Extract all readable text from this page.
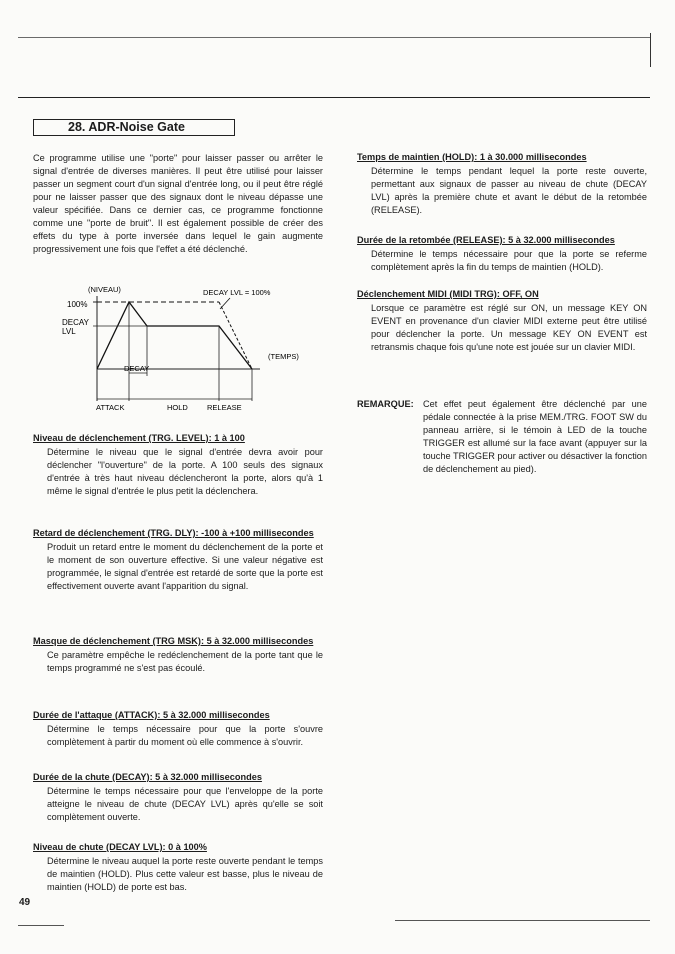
28. ADR-Noise Gate

Ce programme utilise une "porte" pour laisser passer ou arrêter le signal d'entrée de diverses manières. Il peut être utilisé pour laisser passer un segment court d'un signal d'entrée long, ou il peut être réglé pour ne laisser passer que des signaux dont le niveau dépasse une valeur spécifiée. Dans ce dernier cas, ce programme fonctionne comme une "porte de bruit". Il est également possible de créer des effets du type à porte inversée dans lequel le gain augmente progressivement une fois que l'effet a été déclenché.

Niveau de déclenchement (TRG. LEVEL): 1 à 100
Détermine le niveau que le signal d'entrée devra avoir pour déclencher "l'ouverture" de la porte. A 100 seuls des signaux d'entrée à très haut niveau déclencheront la porte, alors qu'à 1 même le signal d'entrée le plus petit la déclenchera.
Retard de déclenchement (TRG. DLY): -100 à +100 millisecondes
Produit un retard entre le moment du déclenchement de la porte et le moment de son ouverture effective. Si une valeur négative est programmée, le signal d'entrée est retardé de sorte que la porte est effectivement ouverte avant l'apparition du signal.
Masque de déclenchement (TRG MSK): 5 à 32.000 millisecondes
Ce paramètre empêche le redéclenchement de la porte tant que le temps programmé ne s'est pas écoulé.
Durée de l'attaque (ATTACK): 5 à 32.000 millisecondes
Détermine le temps nécessaire pour que la porte s'ouvre complètement à partir du moment où elle commence à s'ouvrir.
Durée de la chute (DECAY): 5 à 32.000 millisecondes
Détermine le temps nécessaire pour que l'enveloppe de la porte atteigne le niveau de chute (DECAY LVL) après qu'elle se soit complètement ouverte.
Niveau de chute (DECAY LVL): 0 à 100%
Détermine le niveau auquel la porte reste ouverte pendant le temps de maintien (HOLD). Plus cette valeur est basse, plus le niveau de maintien (HOLD) de porte est bas.
(NIVEAU)	DECAY LVL = 100%
100%
DECAY
LVL
(TEMPS)
DECAY
ATTACK	HOLD	RELEASE
Temps de maintien (HOLD): 1 à 30.000 millisecondes
Détermine le temps pendant lequel la porte reste ouverte, permettant aux signaux de passer au niveau de chute (DECAY LVL) après la première chute et avant le début de la retombée (RELEASE).
Durée de la retombée (RELEASE): 5 à 32.000 millisecondes
Détermine le temps nécessaire pour que la porte se referme complètement après la fin du temps de maintien (HOLD).
Déclenchement MIDI (MIDI TRG): OFF, ON
Lorsque ce paramètre est réglé sur ON, un message KEY ON EVENT en provenance d'un clavier MIDI externe peut être utilisé pour déclencher la porte. Un message KEY ON EVENT est retransmis chaque fois qu'une note est jouée sur un clavier MIDI.
REMARQUE: Cet effet peut également être déclenché par une pédale connectée à la prise MEM./TRG. FOOT SW du panneau arrière, si le témoin à LED de la touche TRIGGER est allumé sur la face avant (appuyer sur la touche TRIGGER pour activer ou désactiver la fonction de déclenchement au pied).
49
